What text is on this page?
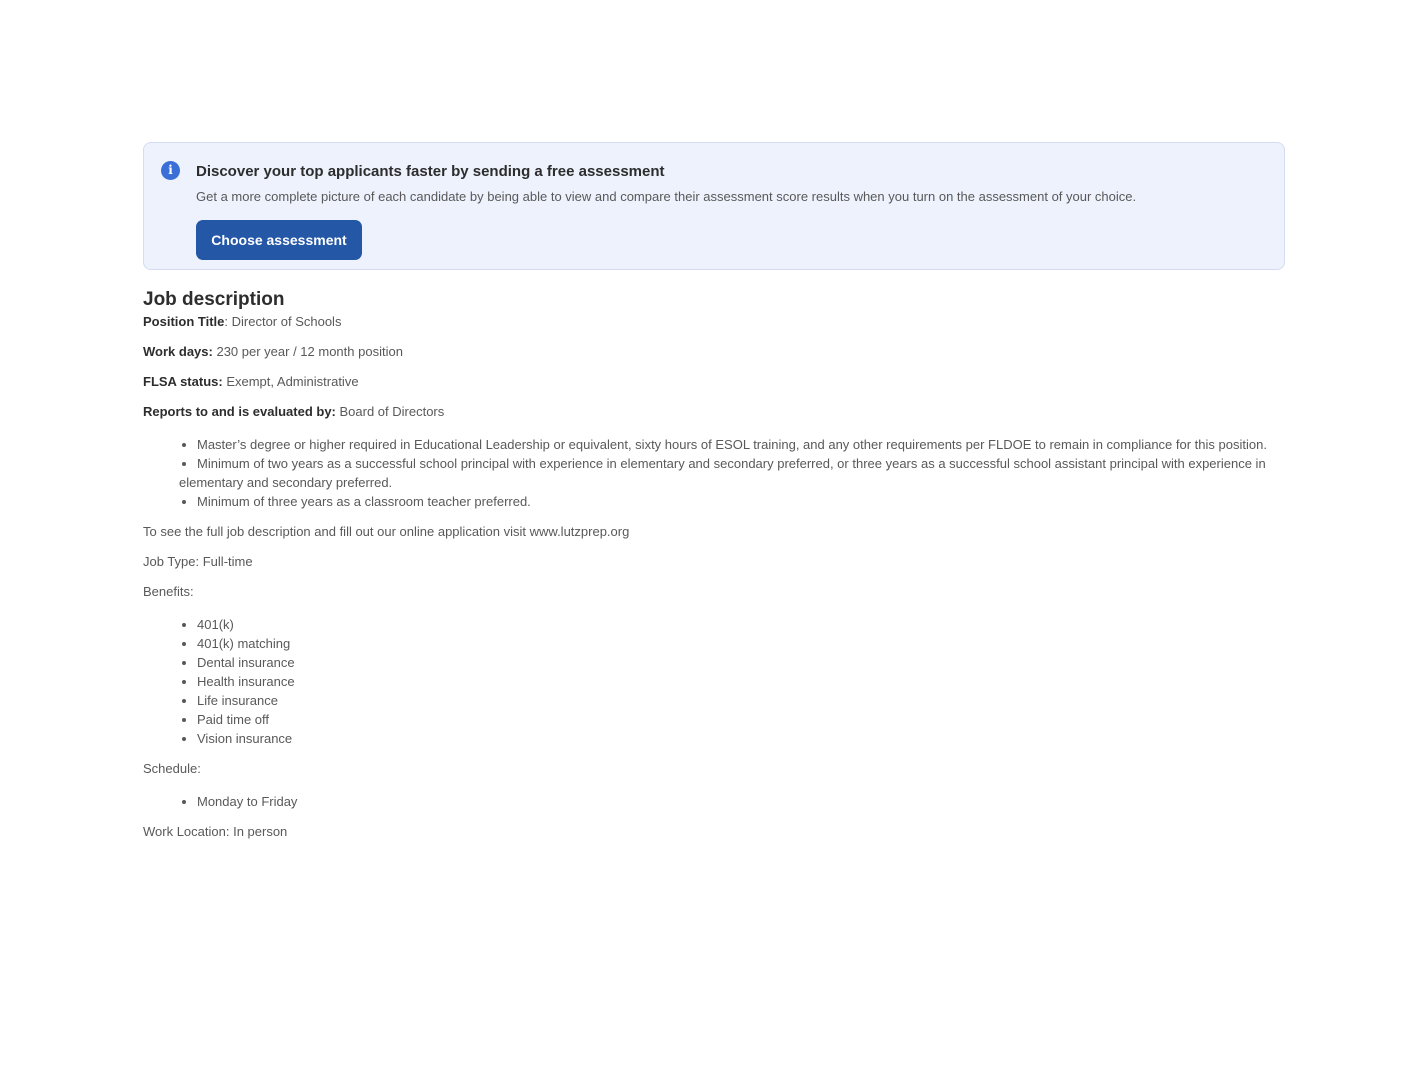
i	Discover your top applicants faster by sending a free assessment
Get a more complete picture of each candidate by being able to view and compare their assessment score results when you turn on the assessment of your choice.
Choose assessment
Job description

Position Title: Director of Schools

Work days: 230 per year / 12 month position

FLSA status: Exempt, Administrative

Reports to and is evaluated by: Board of Directors

• Master’s degree or higher required in Educational Leadership or equivalent, sixty hours of ESOL training, and any other requirements per FLDOE to remain in compliance for this position.
• Minimum of two years as a successful school principal with experience in elementary and secondary preferred, or three years as a successful school assistant principal with experience in
elementary and secondary preferred.
• Minimum of three years as a classroom teacher preferred.

To see the full job description and fill out our online application visit www.lutzprep.org

Job Type: Full-time

Benefits:

• 401(k)
• 401(k) matching
• Dental insurance
• Health insurance
• Life insurance
• Paid time off
• Vision insurance

Schedule:

• Monday to Friday

Work Location: In person
